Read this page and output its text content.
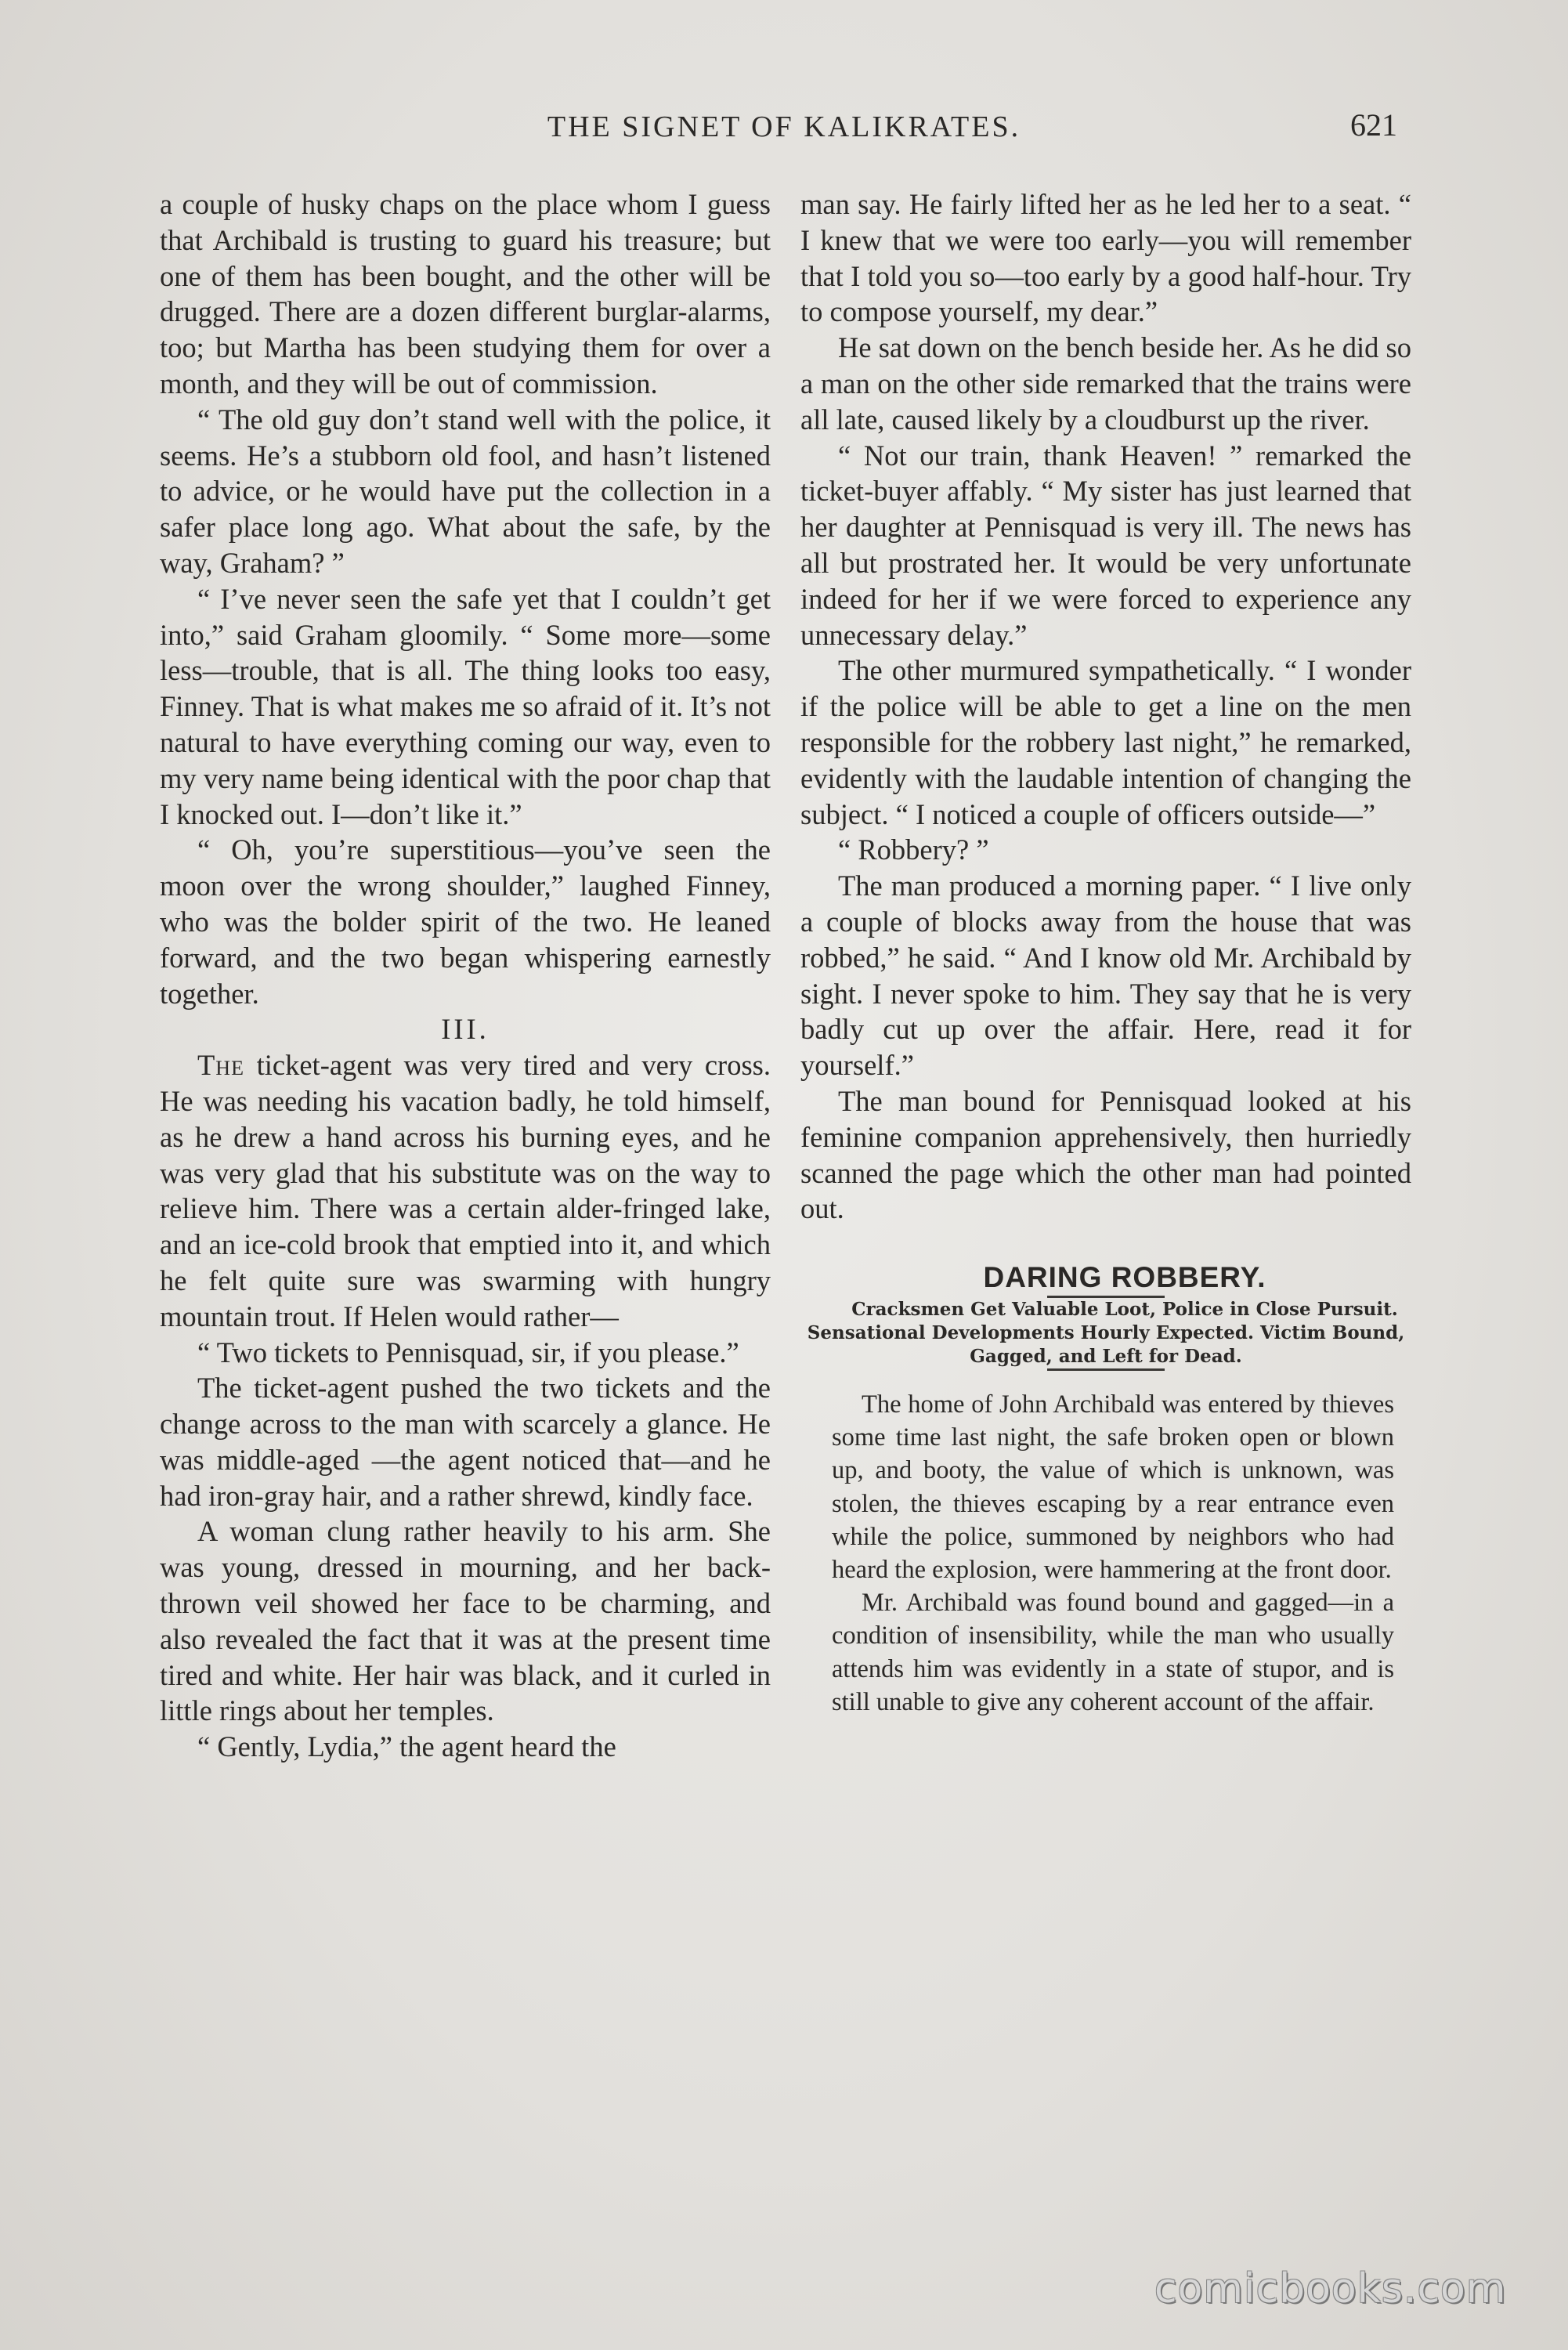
THE SIGNET OF KALIKRATES.	621

a couple of husky chaps on the place whom I guess that Archibald is trusting to guard his treasure; but one of them has been bought, and the other will be drugged. There are a dozen different burglar-alarms, too; but Martha has been studying them for over a month, and they will be out of commission.

“ The old guy don’t stand well with the police, it seems. He’s a stubborn old fool, and hasn’t listened to advice, or he would have put the collection in a safer place long ago. What about the safe, by the way, Graham? ”

“ I’ve never seen the safe yet that I couldn’t get into,” said Graham gloomily. “ Some more—some less—trouble, that is all. The thing looks too easy, Finney. That is what makes me so afraid of it. It’s not natural to have everything coming our way, even to my very name being identical with the poor chap that I knocked out. I—don’t like it.”

“ Oh, you’re superstitious—you’ve seen the moon over the wrong shoulder,” laughed Finney, who was the bolder spirit of the two. He leaned forward, and the two began whispering earnestly together.

III.

The ticket-agent was very tired and very cross. He was needing his vacation badly, he told himself, as he drew a hand across his burning eyes, and he was very glad that his substitute was on the way to relieve him. There was a certain alder-fringed lake, and an ice-cold brook that emptied into it, and which he felt quite sure was swarming with hungry mountain trout. If Helen would rather—

“ Two tickets to Pennisquad, sir, if you please.”

The ticket-agent pushed the two tickets and the change across to the man with scarcely a glance. He was middle-aged —the agent noticed that—and he had iron-gray hair, and a rather shrewd, kindly face.

A woman clung rather heavily to his arm. She was young, dressed in mourning, and her back-thrown veil showed her face to be charming, and also revealed the fact that it was at the present time tired and white. Her hair was black, and it curled in little rings about her temples.

“ Gently, Lydia,” the agent heard the

man say. He fairly lifted her as he led her to a seat. “ I knew that we were too early—you will remember that I told you so—too early by a good half-hour. Try to compose yourself, my dear.”

He sat down on the bench beside her. As he did so a man on the other side remarked that the trains were all late, caused likely by a cloudburst up the river.

“ Not our train, thank Heaven! ” remarked the ticket-buyer affably. “ My sister has just learned that her daughter at Pennisquad is very ill. The news has all but prostrated her. It would be very unfortunate indeed for her if we were forced to experience any unnecessary delay.”

The other murmured sympathetically. “ I wonder if the police will be able to get a line on the men responsible for the robbery last night,” he remarked, evidently with the laudable intention of changing the subject. “ I noticed a couple of officers outside—”

“ Robbery? ”

The man produced a morning paper. “ I live only a couple of blocks away from the house that was robbed,” he said. “ And I know old Mr. Archibald by sight. I never spoke to him. They say that he is very badly cut up over the affair. Here, read it for yourself.”

The man bound for Pennisquad looked at his feminine companion apprehensively, then hurriedly scanned the page which the other man had pointed out.

DARING ROBBERY.

Cracksmen Get Valuable Loot, Police in Close Pursuit. Sensational Developments Hourly Expected. Victim Bound, Gagged, and Left for Dead.

The home of John Archibald was entered by thieves some time last night, the safe broken open or blown up, and booty, the value of which is unknown, was stolen, the thieves escaping by a rear entrance even while the police, summoned by neighbors who had heard the explosion, were hammering at the front door.

Mr. Archibald was found bound and gagged—in a condition of insensibility, while the man who usually attends him was evidently in a state of stupor, and is still unable to give any coherent account of the affair.

comicbooks.com
